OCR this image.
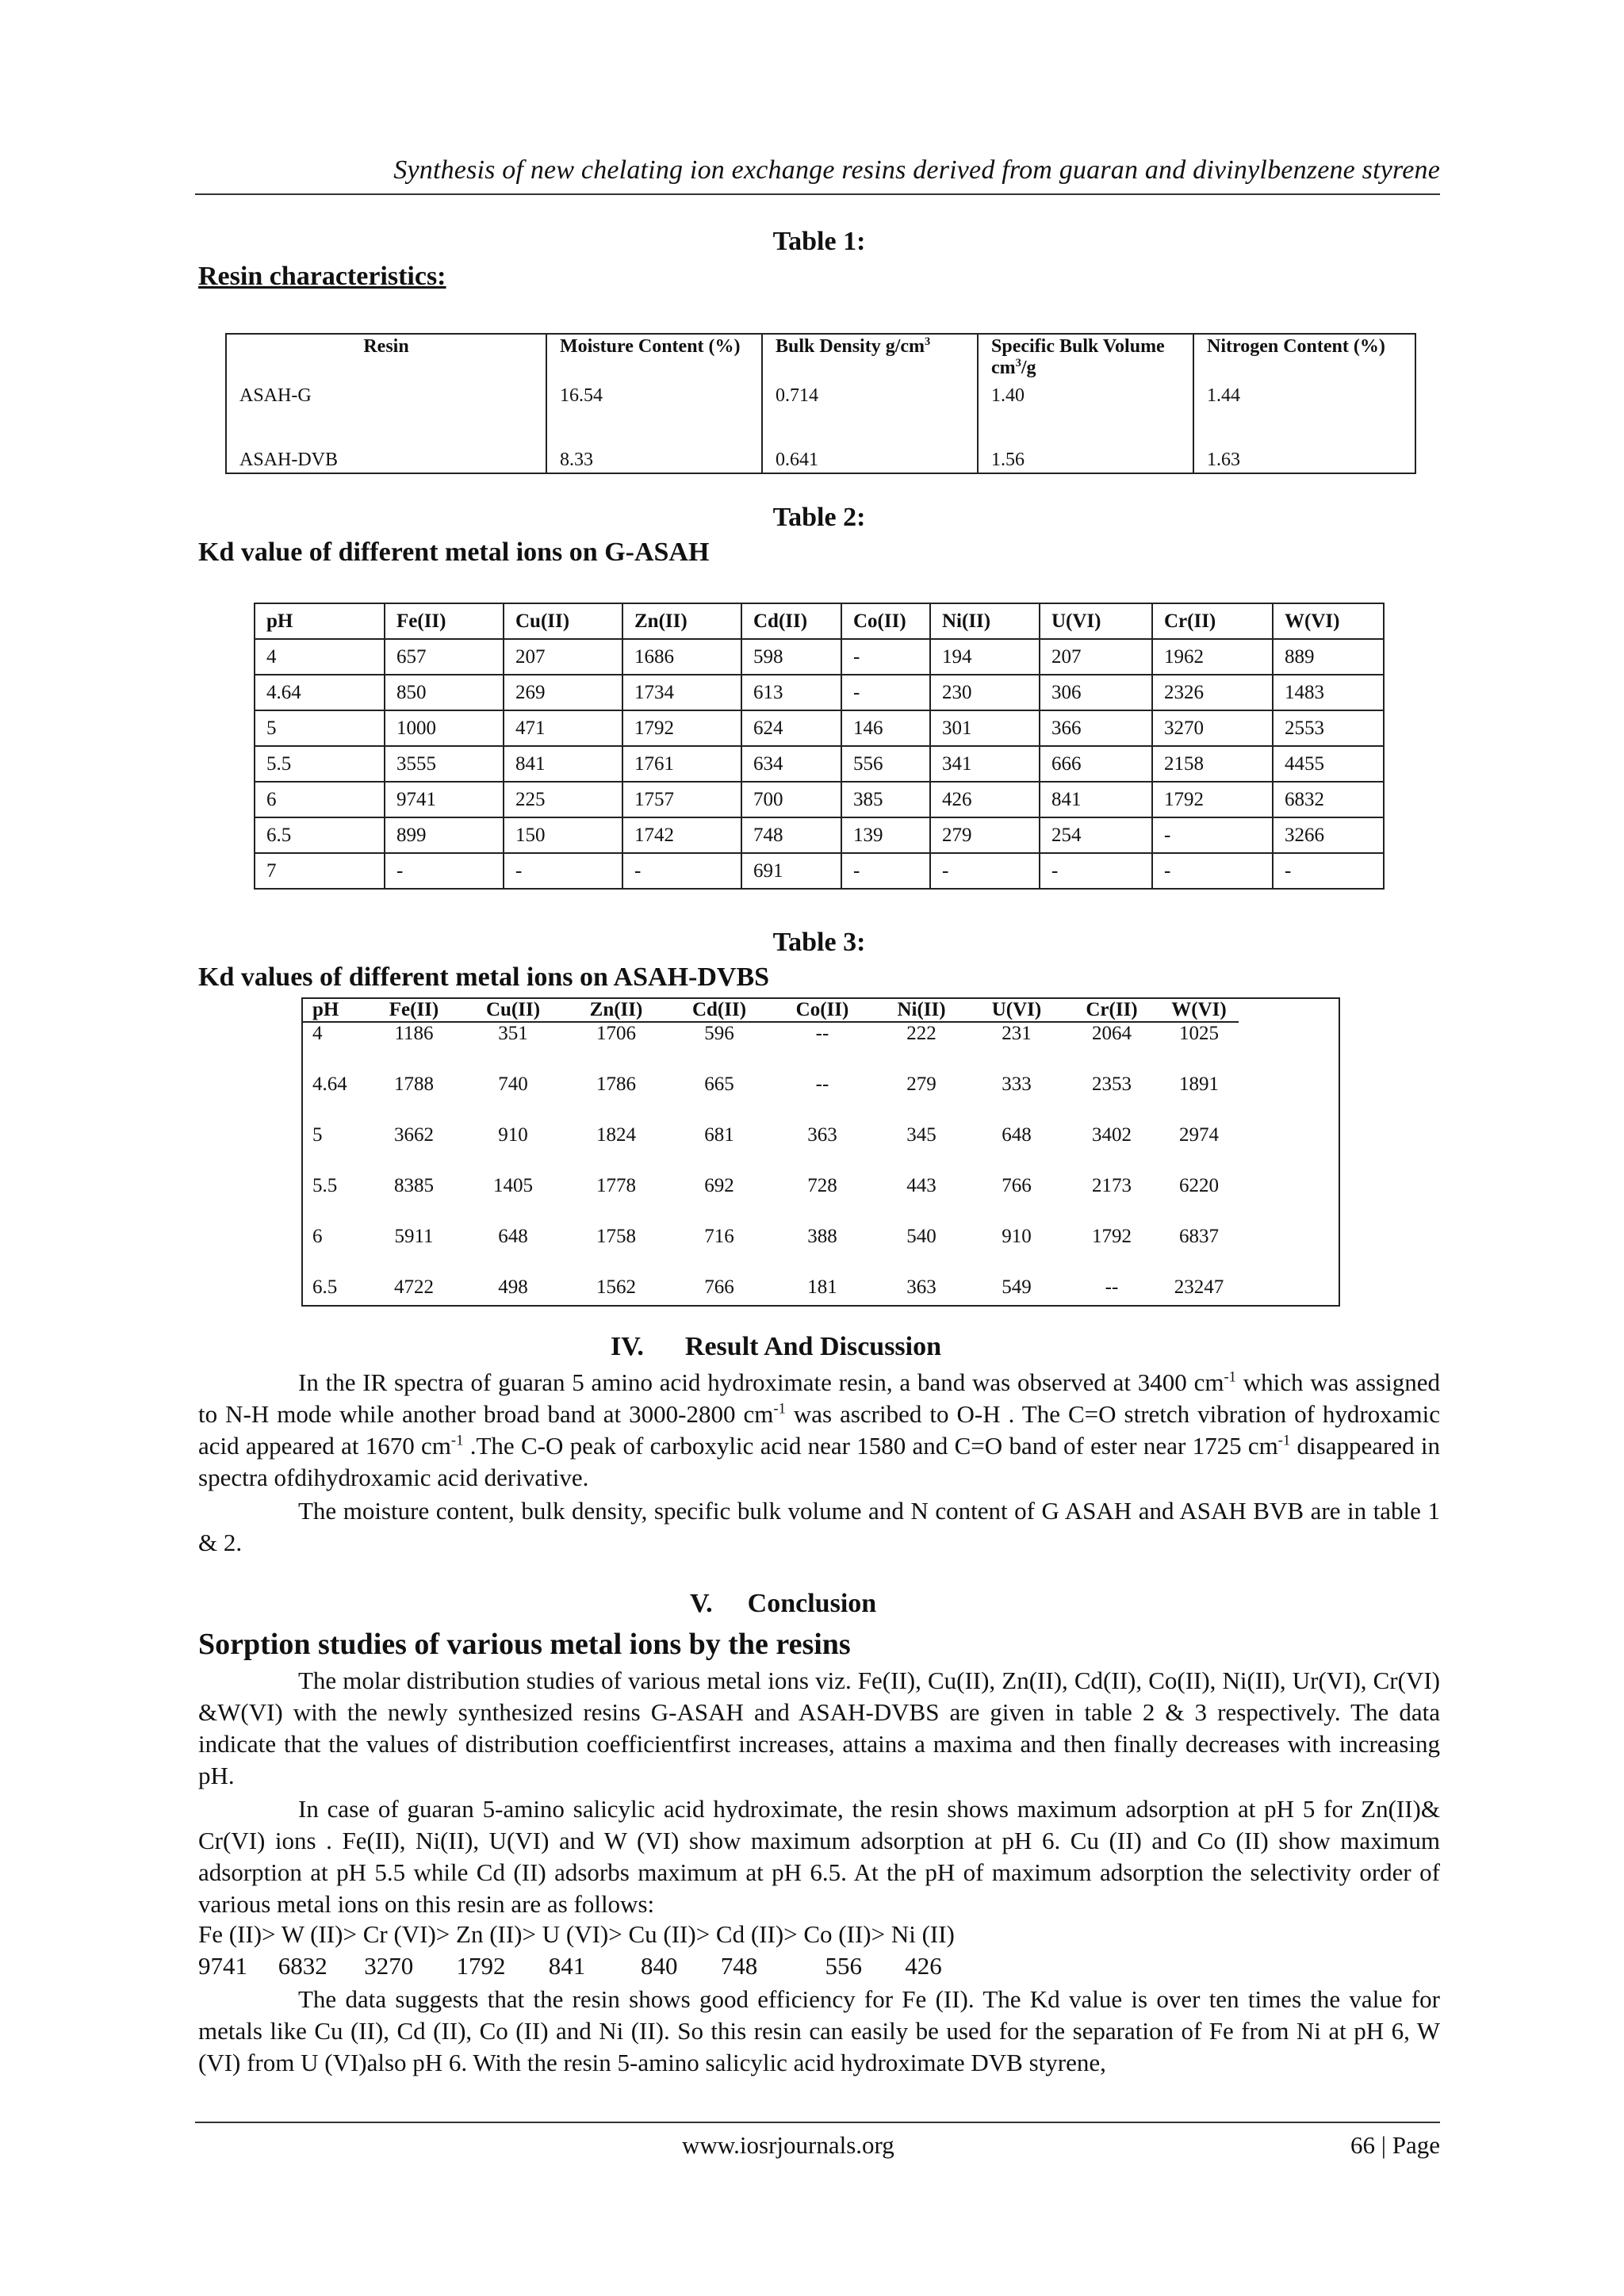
Synthesis of new chelating ion exchange resins derived from guaran and divinylbenzene styrene
Table 1:
Resin characteristics:
Resin	Moisture Content (%)	Bulk Density $g/cm^3$	Specific Bulk Volume $cm^3/g$	Nitrogen Content (%)
ASAH-G	16.54	0.714	1.40	1.44
ASAH-DVB	8.33	0.641	1.56	1.63
Table 2:
Kd value of different metal ions on G-ASAH
pH	Fe(II)	Cu(II)	Zn(II)	Cd(II)	Co(II)	Ni(II)	U(VI)	Cr(II)	W(VI)
4	657	207	1686	598	-	194	207	1962	889
4.64	850	269	1734	613	-	230	306	2326	1483
5	1000	471	1792	624	146	301	366	3270	2553
5.5	3555	841	1761	634	556	341	666	2158	4455
6	9741	225	1757	700	385	426	841	1792	6832
6.5	899	150	1742	748	139	279	254	-	3266
7	-	-	-	691	-	-	-	-	-
Table 3:
Kd values of different metal ions on ASAH-DVBS
pH	Fe(II)	Cu(II)	Zn(II)	Cd(II)	Co(II)	Ni(II)	U(VI)	Cr(II)	W(VI)
4	1186	351	1706	596	--	222	231	2064	1025
4.64	1788	740	1786	665	--	279	333	2353	1891
5	3662	910	1824	681	363	345	648	3402	2974
5.5	8385	1405	1778	692	728	443	766	2173	6220
6	5911	648	1758	716	388	540	910	1792	6837
6.5	4722	498	1562	766	181	363	549	--	23247
IV. Result And Discussion
In the IR spectra of guaran 5 amino acid hydroximate resin, a band was observed at 3400 $cm^{-1}$ which was assigned to N-H mode while another broad band at 3000-2800 $cm^{-1}$ was ascribed to O-H . The C=O stretch vibration of hydroxamic acid appeared at 1670 $cm^{-1}$ .The C-O peak of carboxylic acid near 1580 and C=O band of ester near 1725 $cm^{-1}$ disappeared in spectra ofdihydroxamic acid derivative.
The moisture content, bulk density, specific bulk volume and N content of G ASAH and ASAH BVB are in table 1 & 2.
V. Conclusion
Sorption studies of various metal ions by the resins
The molar distribution studies of various metal ions viz. Fe(II), Cu(II), Zn(II), Cd(II), Co(II), Ni(II), Ur(VI), Cr(VI) &W(VI) with the newly synthesized resins G-ASAH and ASAH-DVBS are given in table 2 & 3 respectively. The data indicate that the values of distribution coefficientfirst increases, attains a maxima and then finally decreases with increasing pH.
In case of guaran 5-amino salicylic acid hydroximate, the resin shows maximum adsorption at pH 5 for Zn(II)& Cr(VI) ions . Fe(II), Ni(II), U(VI) and W (VI) show maximum adsorption at pH 6. Cu (II) and Co (II) show maximum adsorption at pH 5.5 while Cd (II) adsorbs maximum at pH 6.5. At the pH of maximum adsorption the selectivity order of various metal ions on this resin are as follows:
Fe (II)> W (II)> Cr (VI)> Zn (II)> U (VI)> Cu (II)> Cd (II)> Co (II)> Ni (II)
9741     6832      3270       1792       841         840       748           556       426
The data suggests that the resin shows good efficiency for Fe (II). The Kd value is over ten times the value for metals like Cu (II), Cd (II), Co (II) and Ni (II). So this resin can easily be used for the separation of Fe from Ni at pH 6, W (VI) from U (VI)also pH 6. With the resin 5-amino salicylic acid hydroximate DVB styrene,
www.iosrjournals.org	66 | Page
